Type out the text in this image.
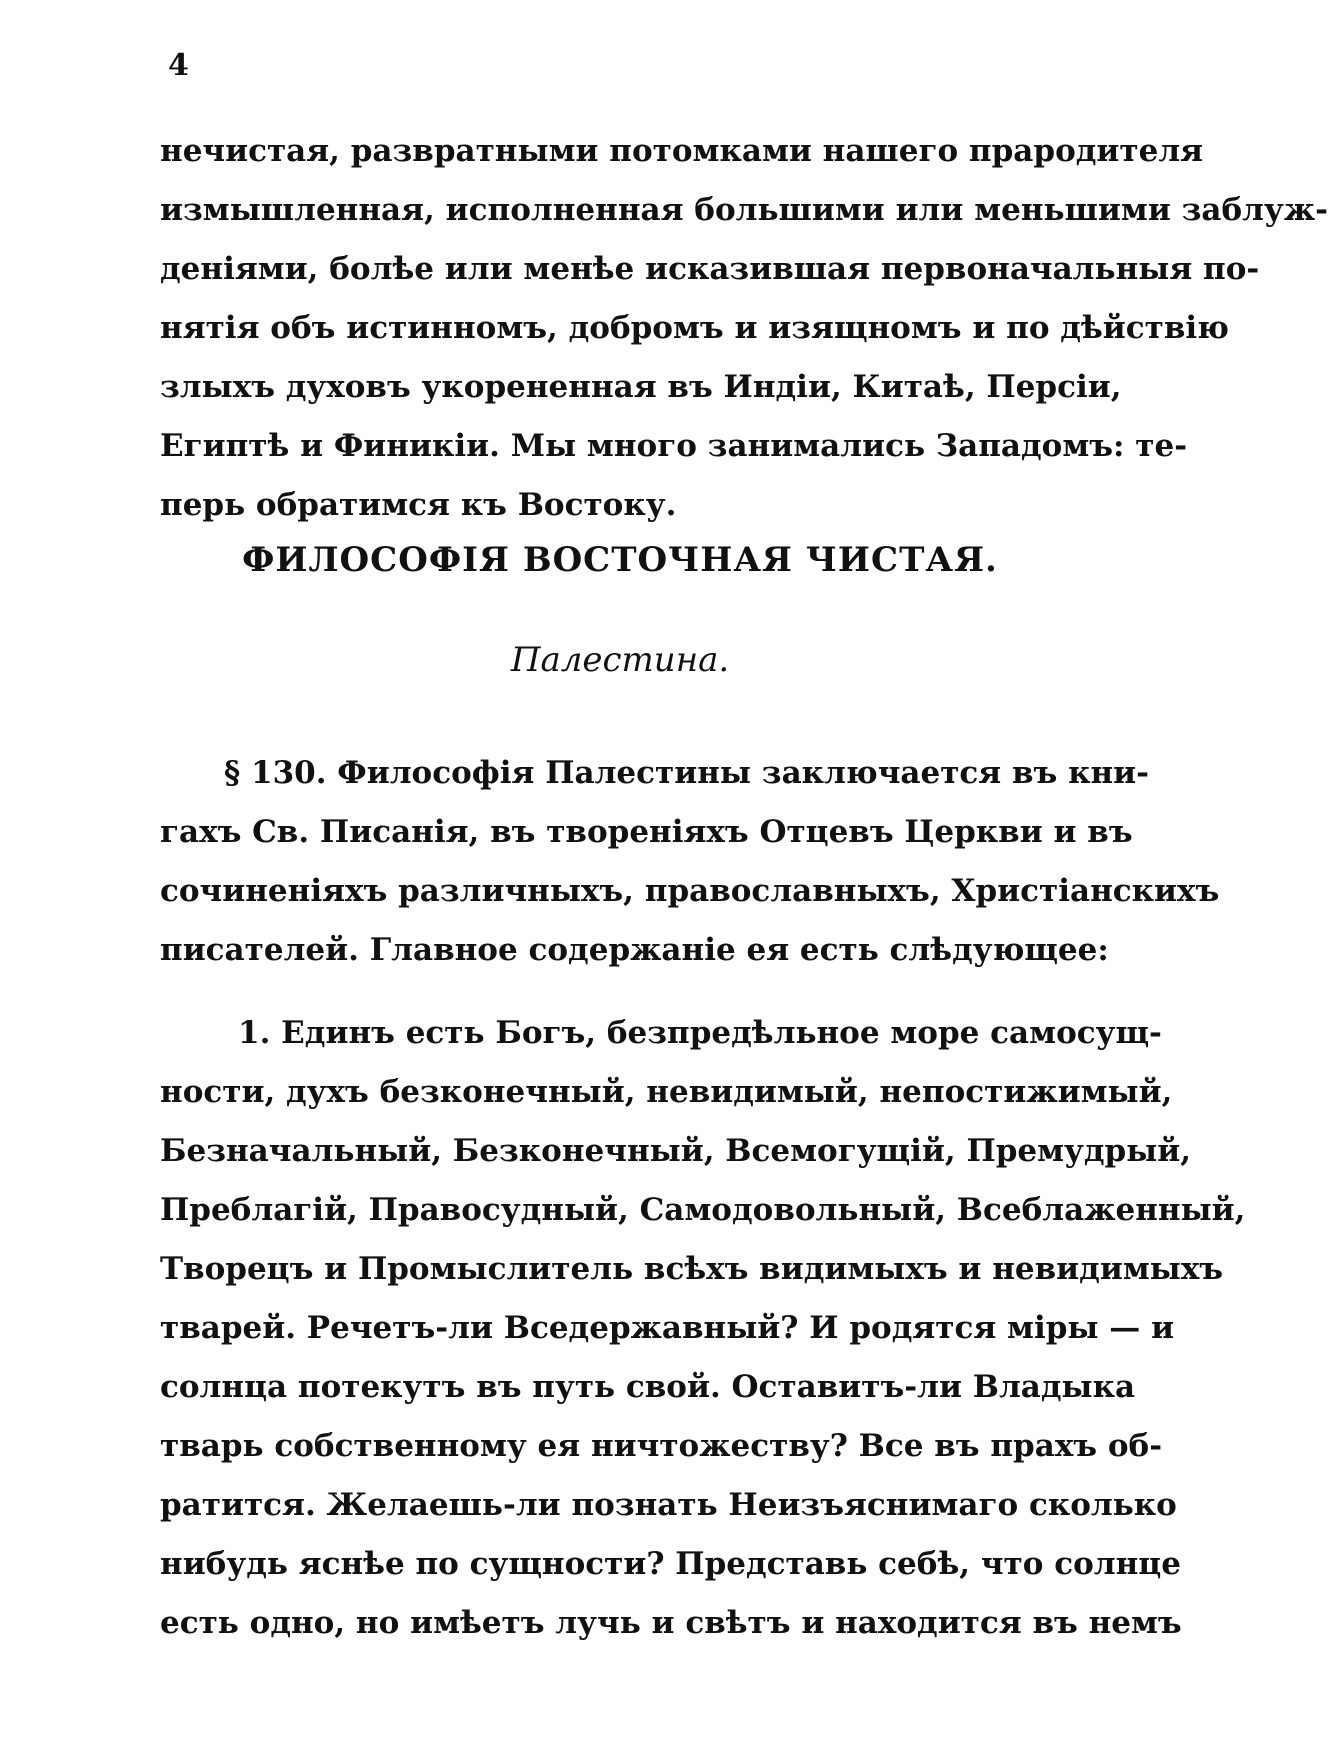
4
нечистая, развратными потомками нашего прародителя
измышленная, исполненная большими или меньшими заблуж-
деніями, болѣе или менѣе исказившая первоначальныя по-
нятія объ истинномъ, добромъ и изящномъ и по дѣйствію
злыхъ духовъ укорененная въ Индіи, Китаѣ, Персіи,
Египтѣ и Финикіи. Мы много занимались Западомъ: те-
перь обратимся къ Востоку.
ФИЛОСОФІЯ ВОСТОЧНАЯ ЧИСТАЯ.
Палестина.
§ 130. Философія Палестины заключается въ кни-
гахъ Св. Писанія, въ твореніяхъ Отцевъ Церкви и въ
сочиненіяхъ различныхъ, православныхъ, Христіанскихъ
писателей. Главное содержаніе ея есть слѣдующее:
1. Единъ есть Богъ, безпредѣльное море самосущ-
ности, духъ безконечный, невидимый, непостижимый,
Безначальный, Безконечный, Всемогущій, Премудрый,
Преблагій, Правосудный, Самодовольный, Всеблаженный,
Творецъ и Промыслитель всѣхъ видимыхъ и невидимыхъ
тварей. Речетъ-ли Вседержавный? И родятся міры — и
солнца потекутъ въ путь свой. Оставитъ-ли Владыка
тварь собственному ея ничтожеству? Все въ прахъ об-
ратится. Желаешь-ли познать Неизъяснимаго сколько
нибудь яснѣе по сущности? Представь себѣ, что солнце
есть одно, но имѣетъ лучь и свѣтъ и находится въ немъ
